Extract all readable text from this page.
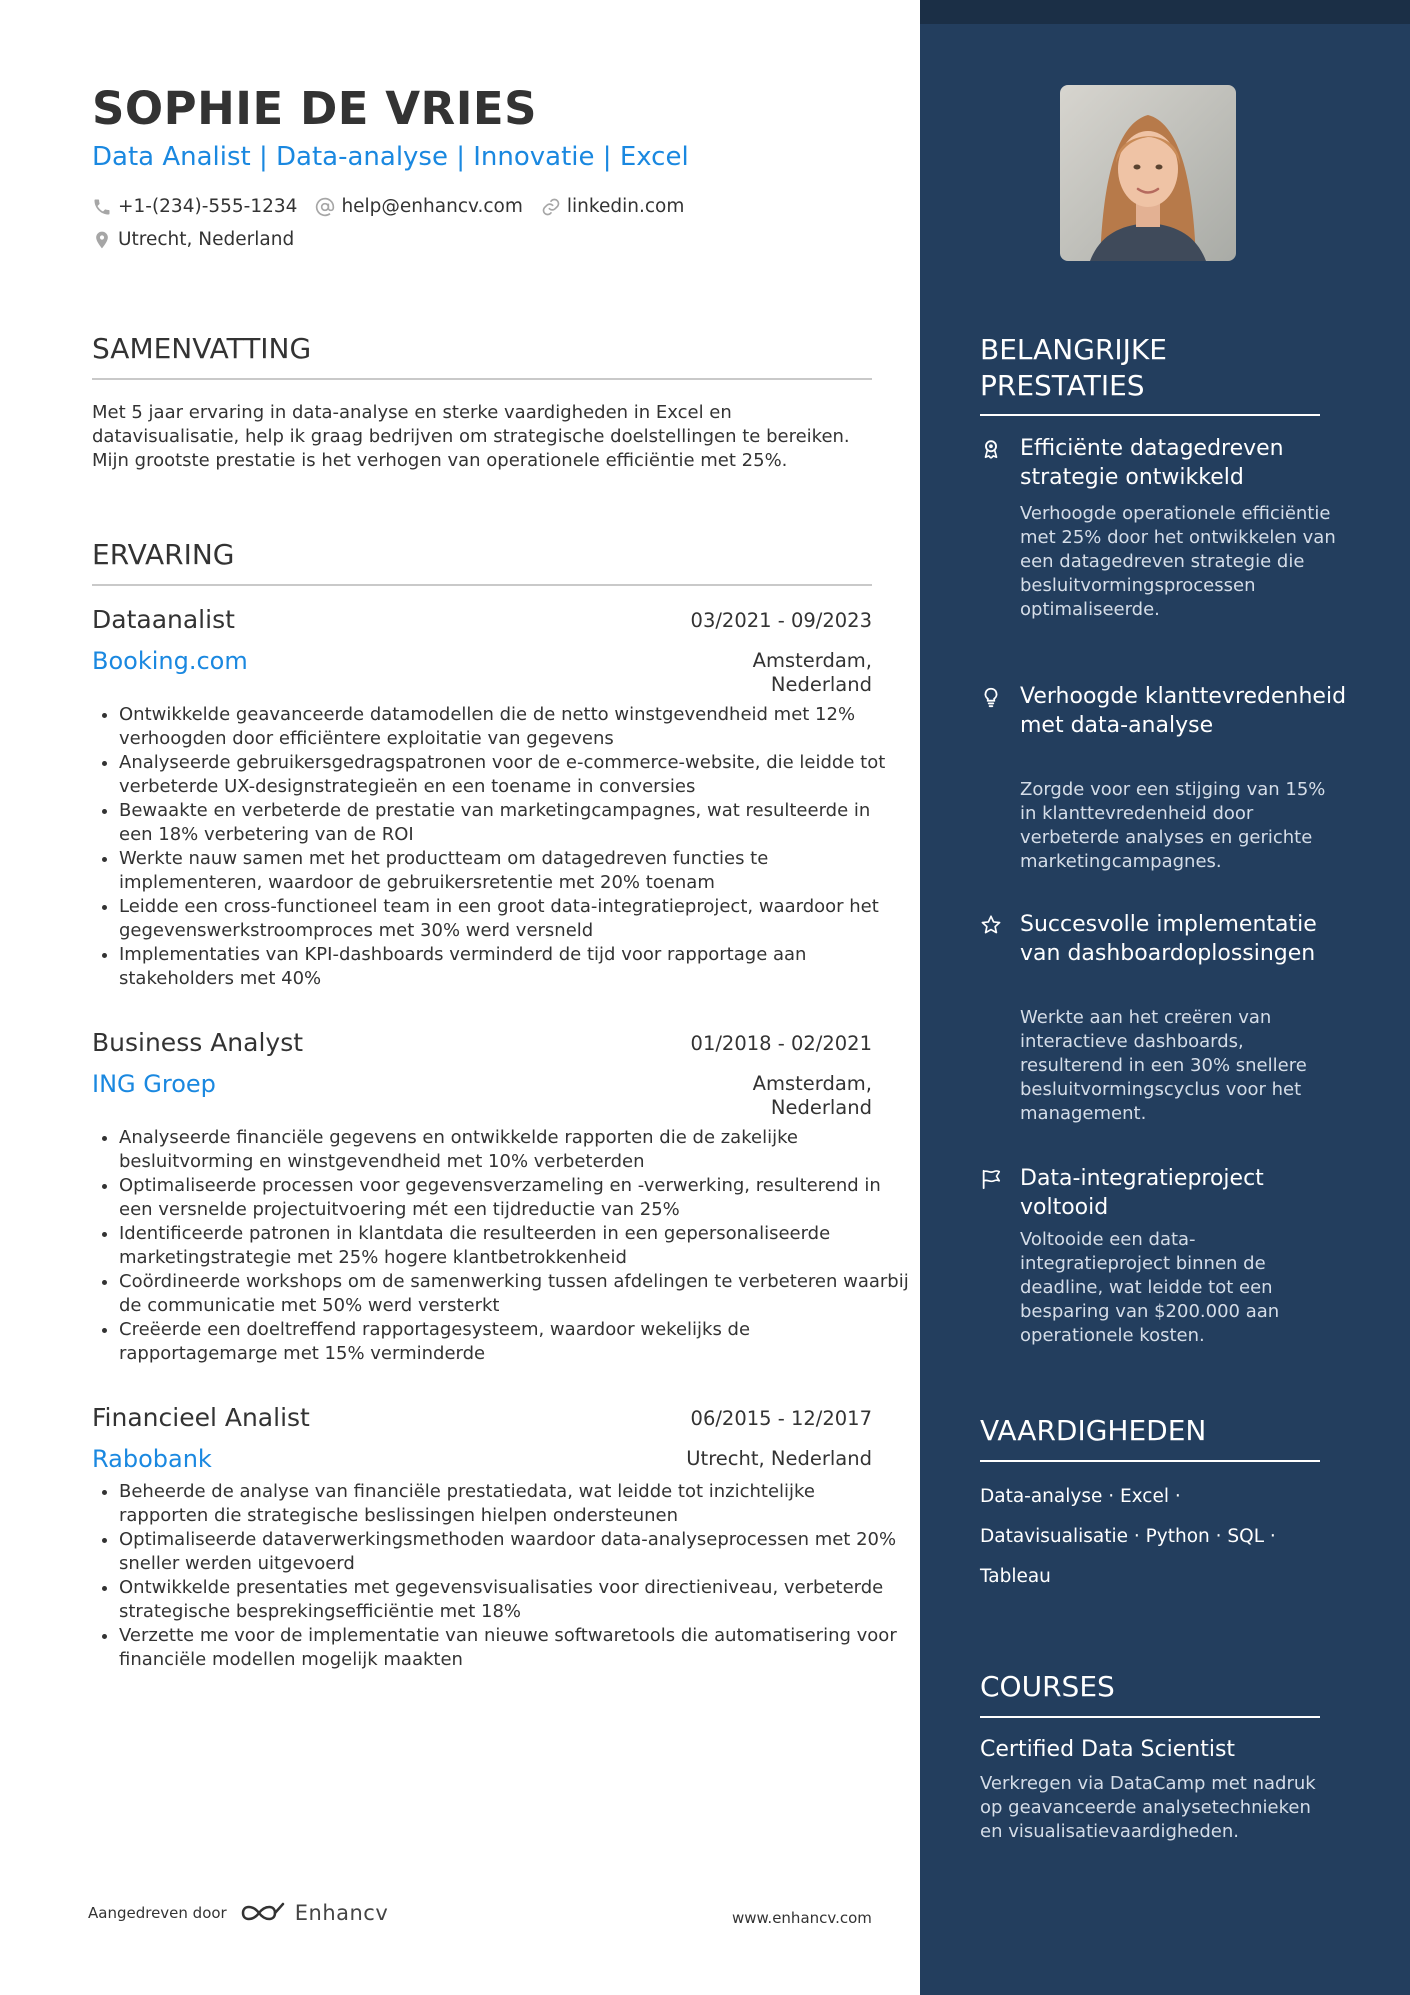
SOPHIE DE VRIES
Data Analist | Data-analyse | Innovatie | Excel
+1-(234)-555-1234 help@enhancv.com linkedin.com
Utrecht, Nederland
SAMENVATTING

Met 5 jaar ervaring in data-analyse en sterke vaardigheden in Excel en datavisualisatie, help ik graag bedrijven om strategische doelstellingen te bereiken. Mijn grootste prestatie is het verhogen van operationele efficiëntie met 25%.

ERVARING
Dataanalist	03/2021 - 09/2023
Booking.com	Amsterdam, Nederland
• Ontwikkelde geavanceerde datamodellen die de netto winstgevendheid met 12% verhoogden door efficiëntere exploitatie van gegevens
• Analyseerde gebruikersgedragspatronen voor de e-commerce-website, die leidde tot verbeterde UX-designstrategieën en een toename in conversies
• Bewaakte en verbeterde de prestatie van marketingcampagnes, wat resulteerde in een 18% verbetering van de ROI
• Werkte nauw samen met het productteam om datagedreven functies te implementeren, waardoor de gebruikersretentie met 20% toenam
• Leidde een cross-functioneel team in een groot data-integratieproject, waardoor het gegevenswerkstroomproces met 30% werd versneld
• Implementaties van KPI-dashboards verminderd de tijd voor rapportage aan stakeholders met 40%
Business Analyst	01/2018 - 02/2021
ING Groep	Amsterdam, Nederland
• Analyseerde financiële gegevens en ontwikkelde rapporten die de zakelijke besluitvorming en winstgevendheid met 10% verbeterden
• Optimaliseerde processen voor gegevensverzameling en -verwerking, resulterend in een versnelde projectuitvoering mét een tijdreductie van 25%
• Identificeerde patronen in klantdata die resulteerden in een gepersonaliseerde marketingstrategie met 25% hogere klantbetrokkenheid
• Coördineerde workshops om de samenwerking tussen afdelingen te verbeteren waarbij de communicatie met 50% werd versterkt
• Creëerde een doeltreffend rapportagesysteem, waardoor wekelijks de rapportagemarge met 15% verminderde
Financieel Analist	06/2015 - 12/2017
Rabobank	Utrecht, Nederland
• Beheerde de analyse van financiële prestatiedata, wat leidde tot inzichtelijke rapporten die strategische beslissingen hielpen ondersteunen
• Optimaliseerde dataverwerkingsmethoden waardoor data-analyseprocessen met 20% sneller werden uitgevoerd
• Ontwikkelde presentaties met gegevensvisualisaties voor directieniveau, verbeterde strategische besprekingsefficiëntie met 18%
• Verzette me voor de implementatie van nieuwe softwaretools die automatisering voor financiële modellen mogelijk maakten
Aangedreven door	Enhancv	www.enhancv.com
BELANGRIJKE PRESTATIES
Efficiënte datagedreven strategie ontwikkeld
Verhoogde operationele efficiëntie met 25% door het ontwikkelen van een datagedreven strategie die besluitvormingsprocessen optimaliseerde.
Verhoogde klanttevredenheid met data-analyse
Zorgde voor een stijging van 15% in klanttevredenheid door verbeterde analyses en gerichte marketingcampagnes.
Succesvolle implementatie van dashboardoplossingen
Werkte aan het creëren van interactieve dashboards, resulterend in een 30% snellere besluitvormingscyclus voor het management.
Data-integratieproject voltooid
Voltooide een data-integratieproject binnen de deadline, wat leidde tot een besparing van $200.000 aan operationele kosten.
VAARDIGHEDEN
Data-analyse · Excel ·
Datavisualisatie · Python · SQL ·
Tableau
COURSES
Certified Data Scientist
Verkregen via DataCamp met nadruk op geavanceerde analysetechnieken en visualisatievaardigheden.
